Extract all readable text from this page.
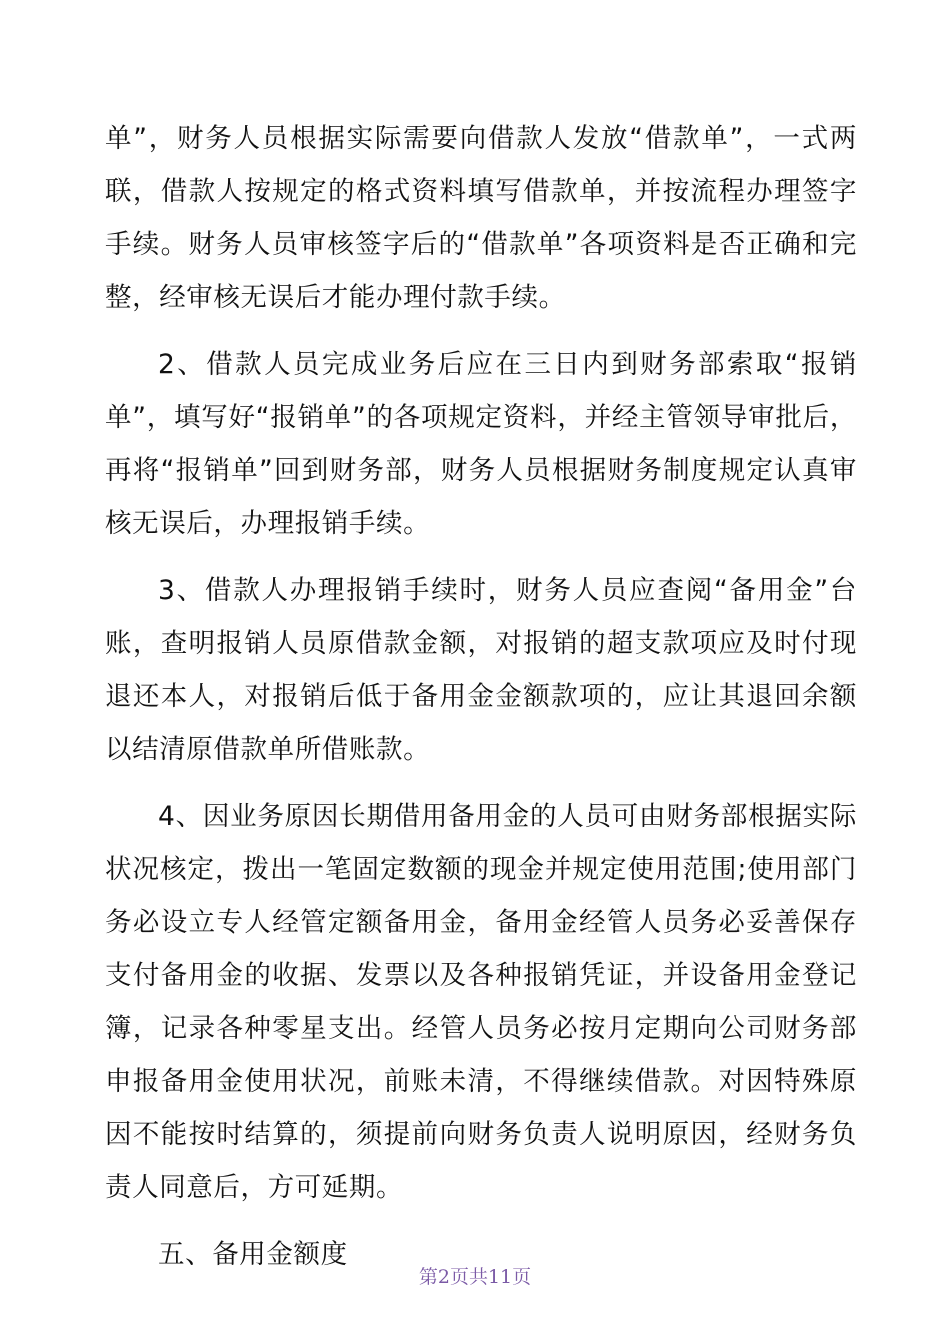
单”，财务人员根据实际需要向借款人发放“借款单”，一式两联，借款人按规定的格式资料填写借款单，并按流程办理签字手续。财务人员审核签字后的“借款单”各项资料是否正确和完整，经审核无误后才能办理付款手续。

2、借款人员完成业务后应在三日内到财务部索取“报销单”，填写好“报销单”的各项规定资料，并经主管领导审批后，再将“报销单”回到财务部，财务人员根据财务制度规定认真审核无误后，办理报销手续。

3、借款人办理报销手续时，财务人员应查阅“备用金”台账，查明报销人员原借款金额，对报销的超支款项应及时付现退还本人，对报销后低于备用金金额款项的，应让其退回余额以结清原借款单所借账款。

4、因业务原因长期借用备用金的人员可由财务部根据实际状况核定，拨出一笔固定数额的现金并规定使用范围;使用部门务必设立专人经管定额备用金，备用金经管人员务必妥善保存支付备用金的收据、发票以及各种报销凭证，并设备用金登记簿，记录各种零星支出。经管人员务必按月定期向公司财务部申报备用金使用状况，前账未清，不得继续借款。对因特殊原因不能按时结算的，须提前向财务负责人说明原因，经财务负责人同意后，方可延期。

五、备用金额度

第2页共11页
